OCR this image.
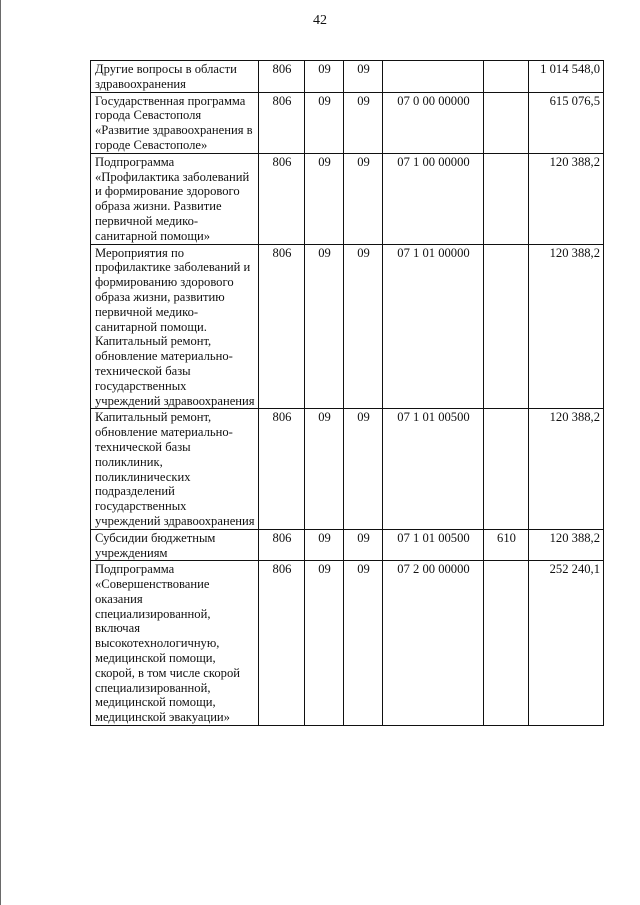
42
Другие вопросы в области здравоохранения	806	09	09			1 014 548,0
Государственная программа города Севастополя «Развитие здравоохранения в городе Севастополе»	806	09	09	07 0 00 00000		615 076,5
Подпрограмма «Профилактика заболеваний и формирование здорового образа жизни. Развитие первичной медико-санитарной помощи»	806	09	09	07 1 00 00000		120 388,2
Мероприятия по профилактике заболеваний и формированию здорового образа жизни, развитию первичной медико-санитарной помощи. Капитальный ремонт, обновление материально-технической базы государственных учреждений здравоохранения	806	09	09	07 1 01 00000		120 388,2
Капитальный ремонт, обновление материально-технической базы поликлиник, поликлинических подразделений государственных учреждений здравоохранения	806	09	09	07 1 01 00500		120 388,2
Субсидии бюджетным учреждениям	806	09	09	07 1 01 00500	610	120 388,2
Подпрограмма «Совершенствование оказания специализированной, включая высокотехнологичную, медицинской помощи, скорой, в том числе скорой специализированной, медицинской помощи, медицинской эвакуации»	806	09	09	07 2 00 00000		252 240,1
